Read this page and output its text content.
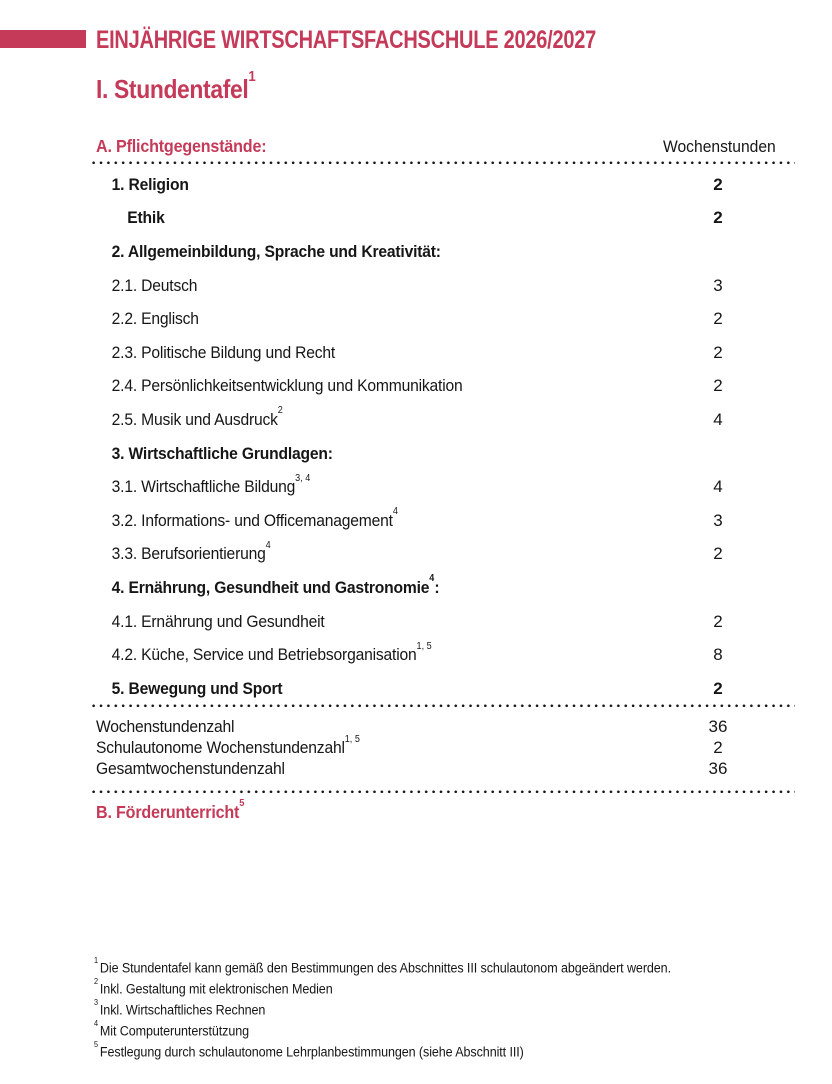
EINJÄHRIGE WIRTSCHAFTSFACHSCHULE 2026/2027
I. Stundentafel$^1$
A. Pflichtgegenstände:	Wochenstunden
1. Religion	2
Ethik	2
2. Allgemeinbildung, Sprache und Kreativität:
2.1. Deutsch	3
2.2. Englisch	2
2.3. Politische Bildung und Recht	2
2.4. Persönlichkeitsentwicklung und Kommunikation	2
2.5. Musik und Ausdruck$^2$	4
3. Wirtschaftliche Grundlagen:
3.1. Wirtschaftliche Bildung$^{3, 4}$	4
3.2. Informations- und Officemanagement$^4$	3
3.3. Berufsorientierung$^4$	2
4. Ernährung, Gesundheit und Gastronomie$^4$:
4.1. Ernährung und Gesundheit	2
4.2. Küche, Service und Betriebsorganisation$^{1, 5}$	8
5. Bewegung und Sport	2
Wochenstundenzahl	36
Schulautonome Wochenstundenzahl$^{1, 5}$	2
Gesamtwochenstundenzahl	36
B. Förderunterricht$^5$
$^1$ Die Stundentafel kann gemäß den Bestimmungen des Abschnittes III schulautonom abgeändert werden.
$^2$ Inkl. Gestaltung mit elektronischen Medien
$^3$ Inkl. Wirtschaftliches Rechnen
$^4$ Mit Computerunterstützung
$^5$ Festlegung durch schulautonome Lehrplanbestimmungen (siehe Abschnitt III)
